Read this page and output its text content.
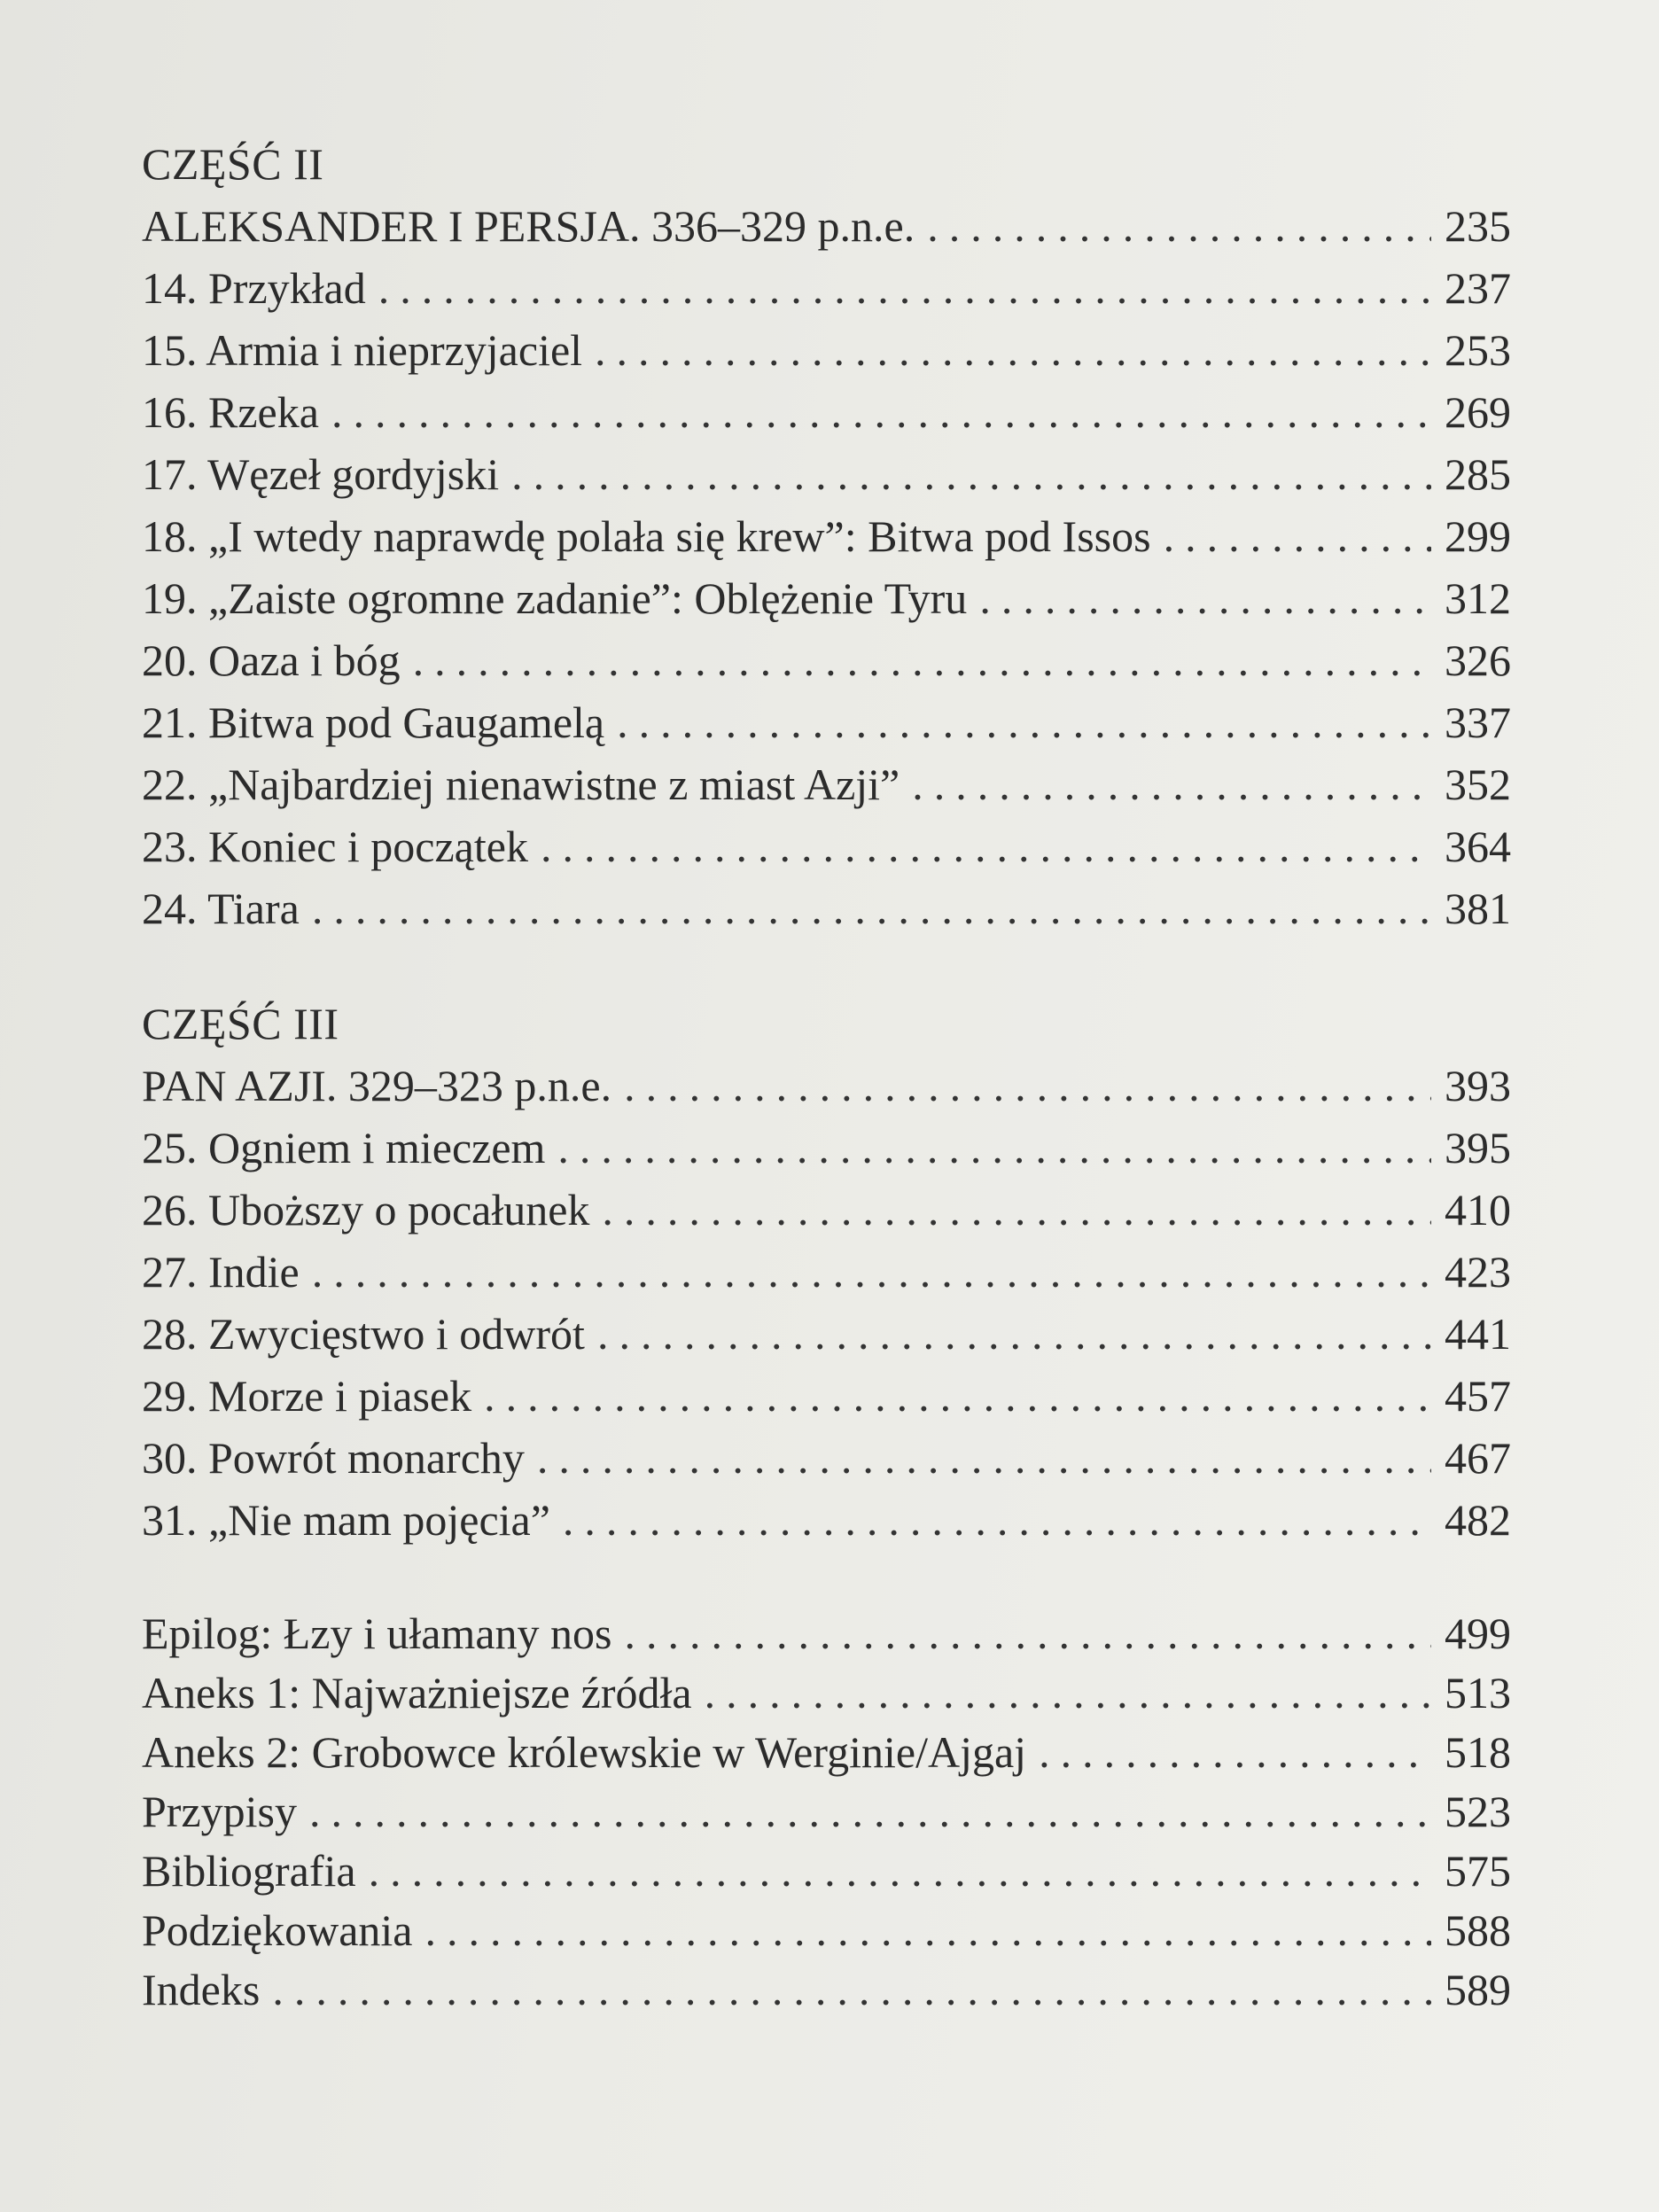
CZĘŚĆ II
ALEKSANDER I PERSJA. 336–329 p.n.e. .....	235
14. Przykład .....	237
15. Armia i nieprzyjaciel .....	253
16. Rzeka .....	269
17. Węzeł gordyjski .....	285
18. „I wtedy naprawdę polała się krew”: Bitwa pod Issos .....	299
19. „Zaiste ogromne zadanie”: Oblężenie Tyru .....	312
20. Oaza i bóg .....	326
21. Bitwa pod Gaugamelą .....	337
22. „Najbardziej nienawistne z miast Azji” .....	352
23. Koniec i początek .....	364
24. Tiara .....	381
CZĘŚĆ III
PAN AZJI. 329–323 p.n.e. .....	393
25. Ogniem i mieczem .....	395
26. Uboższy o pocałunek .....	410
27. Indie .....	423
28. Zwycięstwo i odwrót .....	441
29. Morze i piasek .....	457
30. Powrót monarchy .....	467
31. „Nie mam pojęcia” .....	482
Epilog: Łzy i ułamany nos .....	499
Aneks 1: Najważniejsze źródła .....	513
Aneks 2: Grobowce królewskie w Werginie/Ajgaj .....	518
Przypisy .....	523
Bibliografia .....	575
Podziękowania .....	588
Indeks .....	589
